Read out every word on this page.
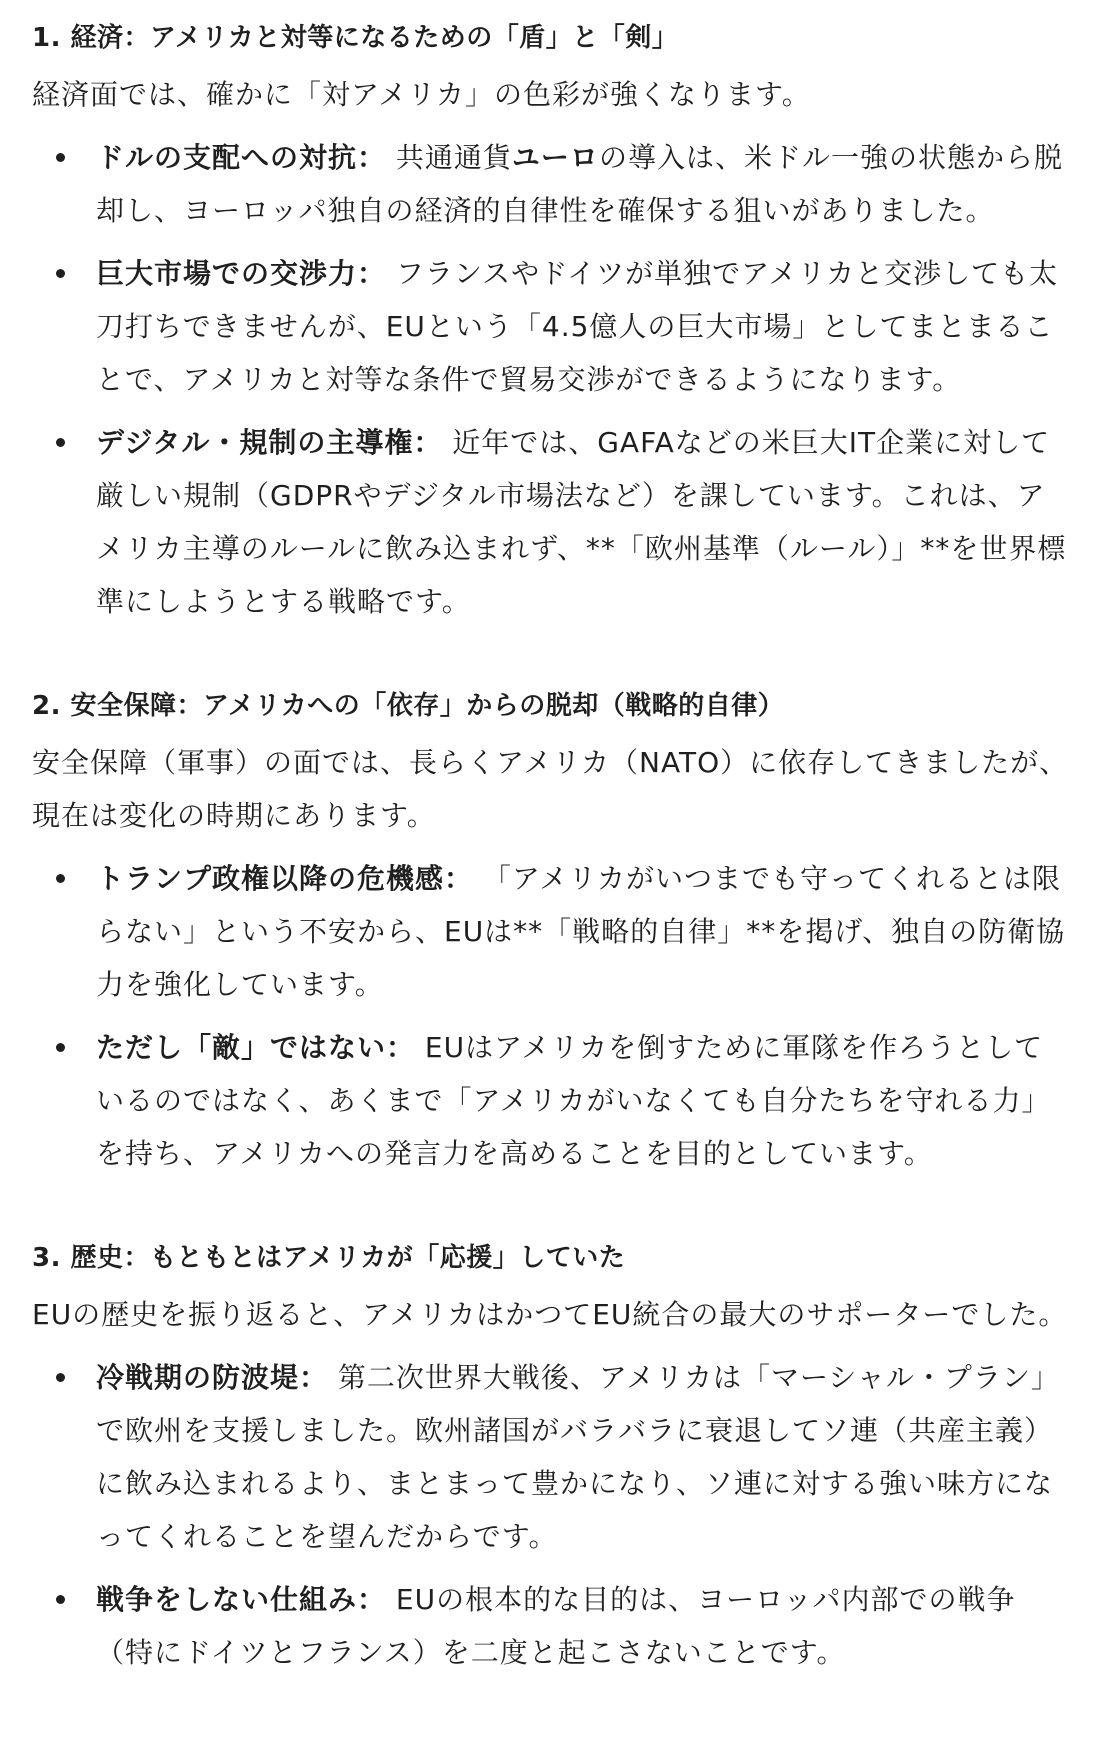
1. 経済：アメリカと対等になるための「盾」と「剣」
経済面では、確かに「対アメリカ」の色彩が強くなります。
ドルの支配への対抗： 共通通貨ユーロの導入は、米ドル一強の状態から脱却し、ヨーロッパ独自の経済的自律性を確保する狙いがありました。
巨大市場での交渉力： フランスやドイツが単独でアメリカと交渉しても太刀打ちできませんが、EUという「4.5億人の巨大市場」としてまとまることで、アメリカと対等な条件で貿易交渉ができるようになります。
デジタル・規制の主導権： 近年では、GAFAなどの米巨大IT企業に対して厳しい規制（GDPRやデジタル市場法など）を課しています。これは、アメリカ主導のルールに飲み込まれず、**「欧州基準（ルール）」**を世界標準にしようとする戦略です。
2. 安全保障：アメリカへの「依存」からの脱却（戦略的自律）
安全保障（軍事）の面では、長らくアメリカ（NATO）に依存してきましたが、現在は変化の時期にあります。
トランプ政権以降の危機感： 「アメリカがいつまでも守ってくれるとは限らない」という不安から、EUは**「戦略的自律」**を掲げ、独自の防衛協力を強化しています。
ただし「敵」ではない： EUはアメリカを倒すために軍隊を作ろうとしているのではなく、あくまで「アメリカがいなくても自分たちを守れる力」を持ち、アメリカへの発言力を高めることを目的としています。
3. 歴史：もともとはアメリカが「応援」していた
EUの歴史を振り返ると、アメリカはかつてEU統合の最大のサポーターでした。
冷戦期の防波堤： 第二次世界大戦後、アメリカは「マーシャル・プラン」で欧州を支援しました。欧州諸国がバラバラに衰退してソ連（共産主義）に飲み込まれるより、まとまって豊かになり、ソ連に対する強い味方になってくれることを望んだからです。
戦争をしない仕組み： EUの根本的な目的は、ヨーロッパ内部での戦争（特にドイツとフランス）を二度と起こさないことです。
